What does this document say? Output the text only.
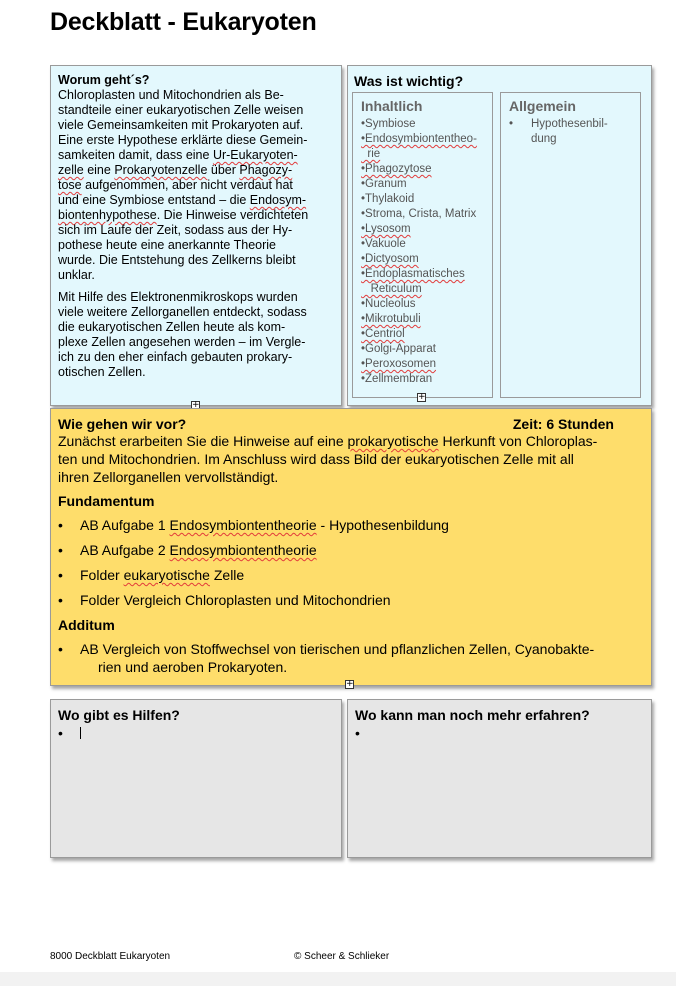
Deckblatt - Eukaryoten
Worum geht´s?

Chloroplasten und Mitochondrien als Be-
standteile einer eukaryotischen Zelle weisen
viele Gemeinsamkeiten mit Prokaryoten auf.
Eine erste Hypothese erklärte diese Gemein-
samkeiten damit, dass eine Ur-Eukaryoten-
zelle eine Prokaryotenzelle über Phagozy-
tose aufgenommen, aber nicht verdaut hat
und eine Symbiose entstand – die Endosym-
biontenhypothese. Die Hinweise verdichteten
sich im Laufe der Zeit, sodass aus der Hy-
pothese heute eine anerkannte Theorie
wurde. Die Entstehung des Zellkerns bleibt
unklar.

Mit Hilfe des Elektronenmikroskops wurden
viele weitere Zellorganellen entdeckt, sodass
die eukaryotischen Zellen heute als kom-
plexe Zellen angesehen werden – im Vergle-
ich zu den eher einfach gebauten prokary-
otischen Zellen.

+
Was ist wichtig?
Inhaltlich
•Symbiose
•Endosymbiontentheo-
rie
•Phagozytose
•Granum
•Thylakoid
•Stroma, Crista, Matrix
•Lysosom
•Vakuole
•Dictyosom
•Endoplasmatisches
Reticulum
•Nucleolus
•Mikrotubuli
•Centriol
•Golgi-Apparat
•Peroxosomen
•Zellmembran
Allgemein
•	Hypothesenbil-
dung
+
Wie gehen wir vor?	Zeit: 6 Stunden

Zunächst erarbeiten Sie die Hinweise auf eine prokaryotische Herkunft von Chloroplas-
ten und Mitochondrien. Im Anschluss wird dass Bild der eukaryotischen Zelle mit all
ihren Zellorganellen vervollständigt.

Fundamentum
•	AB Aufgabe 1 Endosymbiontentheorie - Hypothesenbildung
•	AB Aufgabe 2 Endosymbiontentheorie
•	Folder eukaryotische Zelle
•	Folder Vergleich Chloroplasten und Mitochondrien
Additum
•	AB Vergleich von Stoffwechsel von tierischen und pflanzlichen Zellen, Cyanobakte-
rien und aeroben Prokaryoten.
+
Wo gibt es Hilfen?
•
Wo kann man noch mehr erfahren?
•
8000 Deckblatt Eukaryoten	© Scheer & Schlieker
